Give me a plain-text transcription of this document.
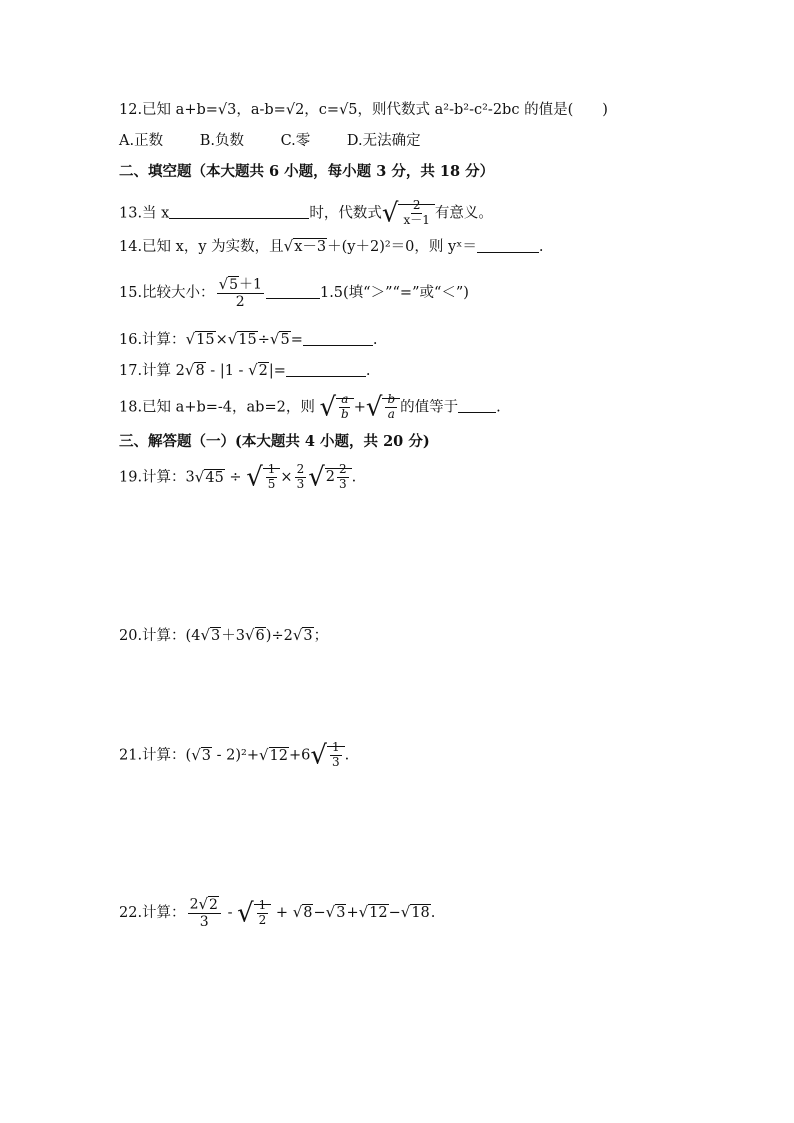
12.已知 a+b=√3，a-b=√2，c=√5，则代数式 a²-b²-c²-2bc 的值是(　　)
A.正数	B.负数	C.零	D.无法确定
二、填空题（本大题共 6 小题，每小题 3 分，共 18 分）
13.当 x	时，代数式√ $\frac{2}{x-1}$ 有意义。
14.已知 x，y 为实数，且√x－3＋(y＋2)²＝0，则 yˣ＝	.
15.比较大小： $\frac{√5+1}{2}$	1.5(填“＞”“=”或“＜”)
16.计算：√15×√15÷√5=	.
17.计算 2√8 - |1 - √2|=	.
18.已知 a+b=-4，ab=2，则 √ $\frac{a}{b}$ +√ $\frac{b}{a}$ 的值等于	.
三、解答题（一）(本大题共 4 小题，共 20 分)
19.计算：3√45 ÷ √ $\frac{1}{5} \times \frac{2}{3} √2 \frac{2}{3}$ .
20.计算：(4√3＋3√6)÷2√3；
21.计算：$(√3 - 2)^2+√12+6√ \frac{1}{3}$ .
22.计算： $\frac{2√2}{3}$ - √ $\frac{1}{2} + √8-√3+√12-√18$.
